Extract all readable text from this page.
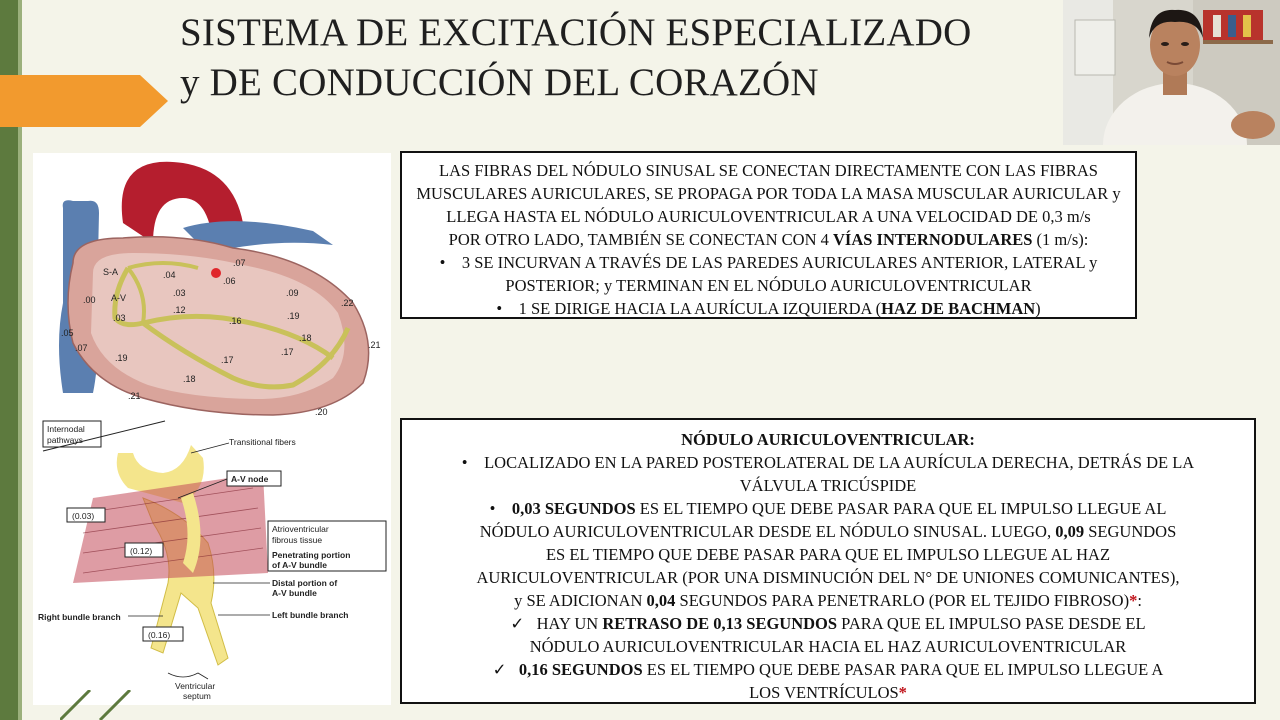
SISTEMA DE EXCITACIÓN ESPECIALIZADO
y DE CONDUCCIÓN DEL CORAZÓN
S-A
A-V
.00
.03
.04
.03
.07
.06
.09
.12
.16	.19
.18
.17
.05
.07
.19	.17
.18
.22
.21
.21
.20
Internodal
pathways	Transitional fibers
A-V node
Atrioventricular
fibrous tissue
Penetrating portion
of A-V bundle
Distal portion of
A-V bundle
Left bundle branch
Right bundle branch
(0.03)
(0.12)
(0.16)
Ventricular
septum
LAS FIBRAS DEL NÓDULO SINUSAL SE CONECTAN DIRECTAMENTE CON LAS FIBRAS
MUSCULARES AURICULARES, SE PROPAGA POR TODA LA MASA MUSCULAR AURICULAR y
LLEGA HASTA EL NÓDULO AURICULOVENTRICULAR A UNA VELOCIDAD DE 0,3 m/s
POR OTRO LADO, TAMBIÉN SE CONECTAN CON 4 VÍAS INTERNODULARES (1 m/s):
• 3 SE INCURVAN A TRAVÉS DE LAS PAREDES AURICULARES ANTERIOR, LATERAL y
POSTERIOR; y TERMINAN EN EL NÓDULO AURICULOVENTRICULAR
• 1 SE DIRIGE HACIA LA AURÍCULA IZQUIERDA (HAZ DE BACHMAN)
NÓDULO AURICULOVENTRICULAR:
• LOCALIZADO EN LA PARED POSTEROLATERAL DE LA AURÍCULA DERECHA, DETRÁS DE LA
VÁLVULA TRICÚSPIDE
• 0,03 SEGUNDOS ES EL TIEMPO QUE DEBE PASAR PARA QUE EL IMPULSO LLEGUE AL
NÓDULO AURICULOVENTRICULAR DESDE EL NÓDULO SINUSAL. LUEGO, 0,09 SEGUNDOS
ES EL TIEMPO QUE DEBE PASAR PARA QUE EL IMPULSO LLEGUE AL HAZ
AURICULOVENTRICULAR (POR UNA DISMINUCIÓN DEL N° DE UNIONES COMUNICANTES),
y SE ADICIONAN 0,04 SEGUNDOS PARA PENETRARLO (POR EL TEJIDO FIBROSO)*:
✓ HAY UN RETRASO DE 0,13 SEGUNDOS PARA QUE EL IMPULSO PASE DESDE EL
NÓDULO AURICULOVENTRICULAR HACIA EL HAZ AURICULOVENTRICULAR
✓ 0,16 SEGUNDOS ES EL TIEMPO QUE DEBE PASAR PARA QUE EL IMPULSO LLEGUE A
LOS VENTRÍCULOS*
